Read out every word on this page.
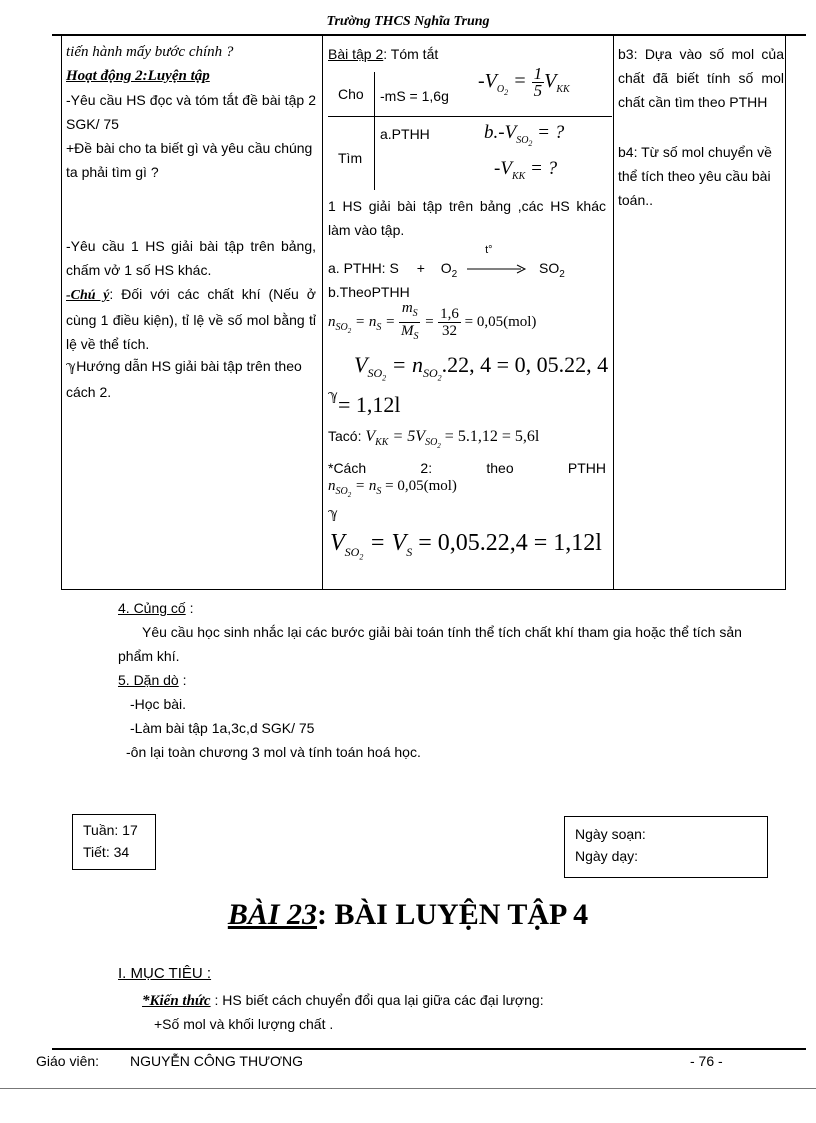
Trường THCS Nghĩa Trung
tiến hành mấy bước chính ?
Hoạt động 2:Luyện tập
-Yêu cầu HS đọc và tóm tắt đề bài tập 2 SGK/ 75
+Đề bài cho ta biết gì và yêu cầu chúng ta phải tìm gì ?
-Yêu cầu 1 HS giải bài tập trên bảng, chấm vở 1 số HS khác.
-Chú ý: Đối với các chất khí (Nếu ở cùng 1 điều kiện), tỉ lệ về số mol bằng tỉ lệ về thể tích.
ℽHướng dẫn HS giải bài tập trên theo cách 2.
Bài tập 2: Tóm tắt
Cho -mS = 1,6g
$-V_{O_2} = \frac{1}{5} V_{KK}$
Tìm
a.PTHH	$b.-V_{SO_2}$ = ?
$-V_{KK}$ = ?
1 HS giải bài tập trên bảng ,các HS khác làm vào tập.
a. PTHH: $S + O_2$
t°
$SO_2$
b.TheoPTHH
$n_{SO_2} = n_S = \frac{m_S}{M_S} = \frac{1,6}{32} = 0,05(mol)$
$V_{SO_2} = n_{SO_2}.22$, 4 = 0, 05.22, 4
ℽ = 1,12l
Tacó: $V_{KK} = 5V_{SO_2} = 5.1,12 = 5,6l$
*Cách 2: theo PTHH
$n_{SO_2} = n_S = 0,05(mol)$
ℽ
$V_{SO_2} = V_S = 0,05.22,4 = 1,12l$
b3: Dựa vào số mol của chất đã biết tính số mol chất cần tìm theo PTHH
b4: Từ số mol chuyển về thể tích theo yêu cầu bài toán..
4. Củng cố :
Yêu cầu học sinh nhắc lại các bước giải bài toán tính thể tích chất khí tham gia hoặc thể tích sản phẩm khí.
5. Dặn dò :
-Học bài.
-Làm bài tập 1a,3c,d SGK/ 75
-ôn lại toàn chương 3 mol và tính toán hoá học.
Tuần: 17
Tiết: 34
Ngày soạn:
Ngày dạy:
BÀI 23: BÀI LUYỆN TẬP 4
I. MỤC TIÊU :
*Kiến thức : HS biết cách chuyển đổi qua lại giữa các đại lượng:
+Số mol và khối lượng chất .
Giáo viên: NGUYỄN CÔNG THƯƠNG	- 76 -
